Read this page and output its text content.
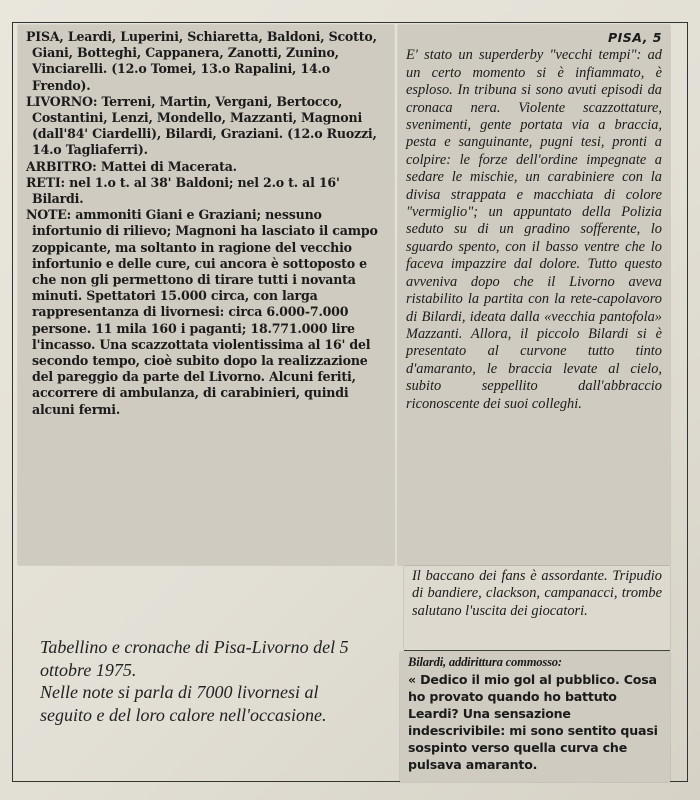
PISA, Leardi, Luperini, Schiaretta, Baldoni, Scotto, Giani, Botteghi, Cappanera, Zanotti, Zunino, Vinciarelli. (12.o Tomei, 13.o Rapalini, 14.o Frendo).

LIVORNO: Terreni, Martin, Vergani, Bertocco, Costantini, Lenzi, Mondello, Mazzanti, Magnoni (dall'84' Ciardelli), Bilardi, Graziani. (12.o Ruozzi, 14.o Tagliaferri).

ARBITRO: Mattei di Macerata.

RETI: nel 1.o t. al 38' Baldoni; nel 2.o t. al 16' Bilardi.

NOTE: ammoniti Giani e Graziani; nessuno infortunio di rilievo; Magnoni ha lasciato il campo zoppicante, ma soltanto in ragione del vecchio infortunio e delle cure, cui ancora è sottoposto e che non gli permettono di tirare tutti i novanta minuti. Spettatori 15.000 circa, con larga rappresentanza di livornesi: circa 6.000-7.000 persone. 11 mila 160 i paganti; 18.771.000 lire l'incasso. Una scazzottata violentissima al 16' del secondo tempo, cioè subito dopo la realizzazione del pareggio da parte del Livorno. Alcuni feriti, accorrere di ambulanza, di carabinieri, quindi alcuni fermi.

PISA, 5

E' stato un superderby "vecchi tempi": ad un certo momento si è infiammato, è esploso. In tribuna si sono avuti episodi da cronaca nera. Violente scazzottature, svenimenti, gente portata via a braccia, pesta e sanguinante, pugni tesi, pronti a colpire: le forze dell'ordine impegnate a sedare le mischie, un carabiniere con la divisa strappata e macchiata di colore "vermiglio"; un appuntato della Polizia seduto su di un gradino sofferente, lo sguardo spento, con il basso ventre che lo faceva impazzire dal dolore. Tutto questo avveniva dopo che il Livorno aveva ristabilito la partita con la rete-capolavoro di Bilardi, ideata dalla «vecchia pantofola» Mazzanti. Allora, il piccolo Bilardi si è presentato al curvone tutto tinto d'amaranto, le braccia levate al cielo, subito seppellito dall'abbraccio riconoscente dei suoi colleghi.

Il baccano dei fans è assordante. Tripudio di bandiere, clackson, campanacci, trombe salutano l'uscita dei giocatori.

Bilardi, addirittura commosso:

« Dedico il mio gol al pubblico. Cosa ho provato quando ho battuto Leardi? Una sensazione indescrivibile: mi sono sentito quasi sospinto verso quella curva che pulsava amaranto.

Tabellino e cronache di Pisa-Livorno del 5 ottobre 1975.

Nelle note si parla di 7000 livornesi al seguito e del loro calore nell'occasione.
